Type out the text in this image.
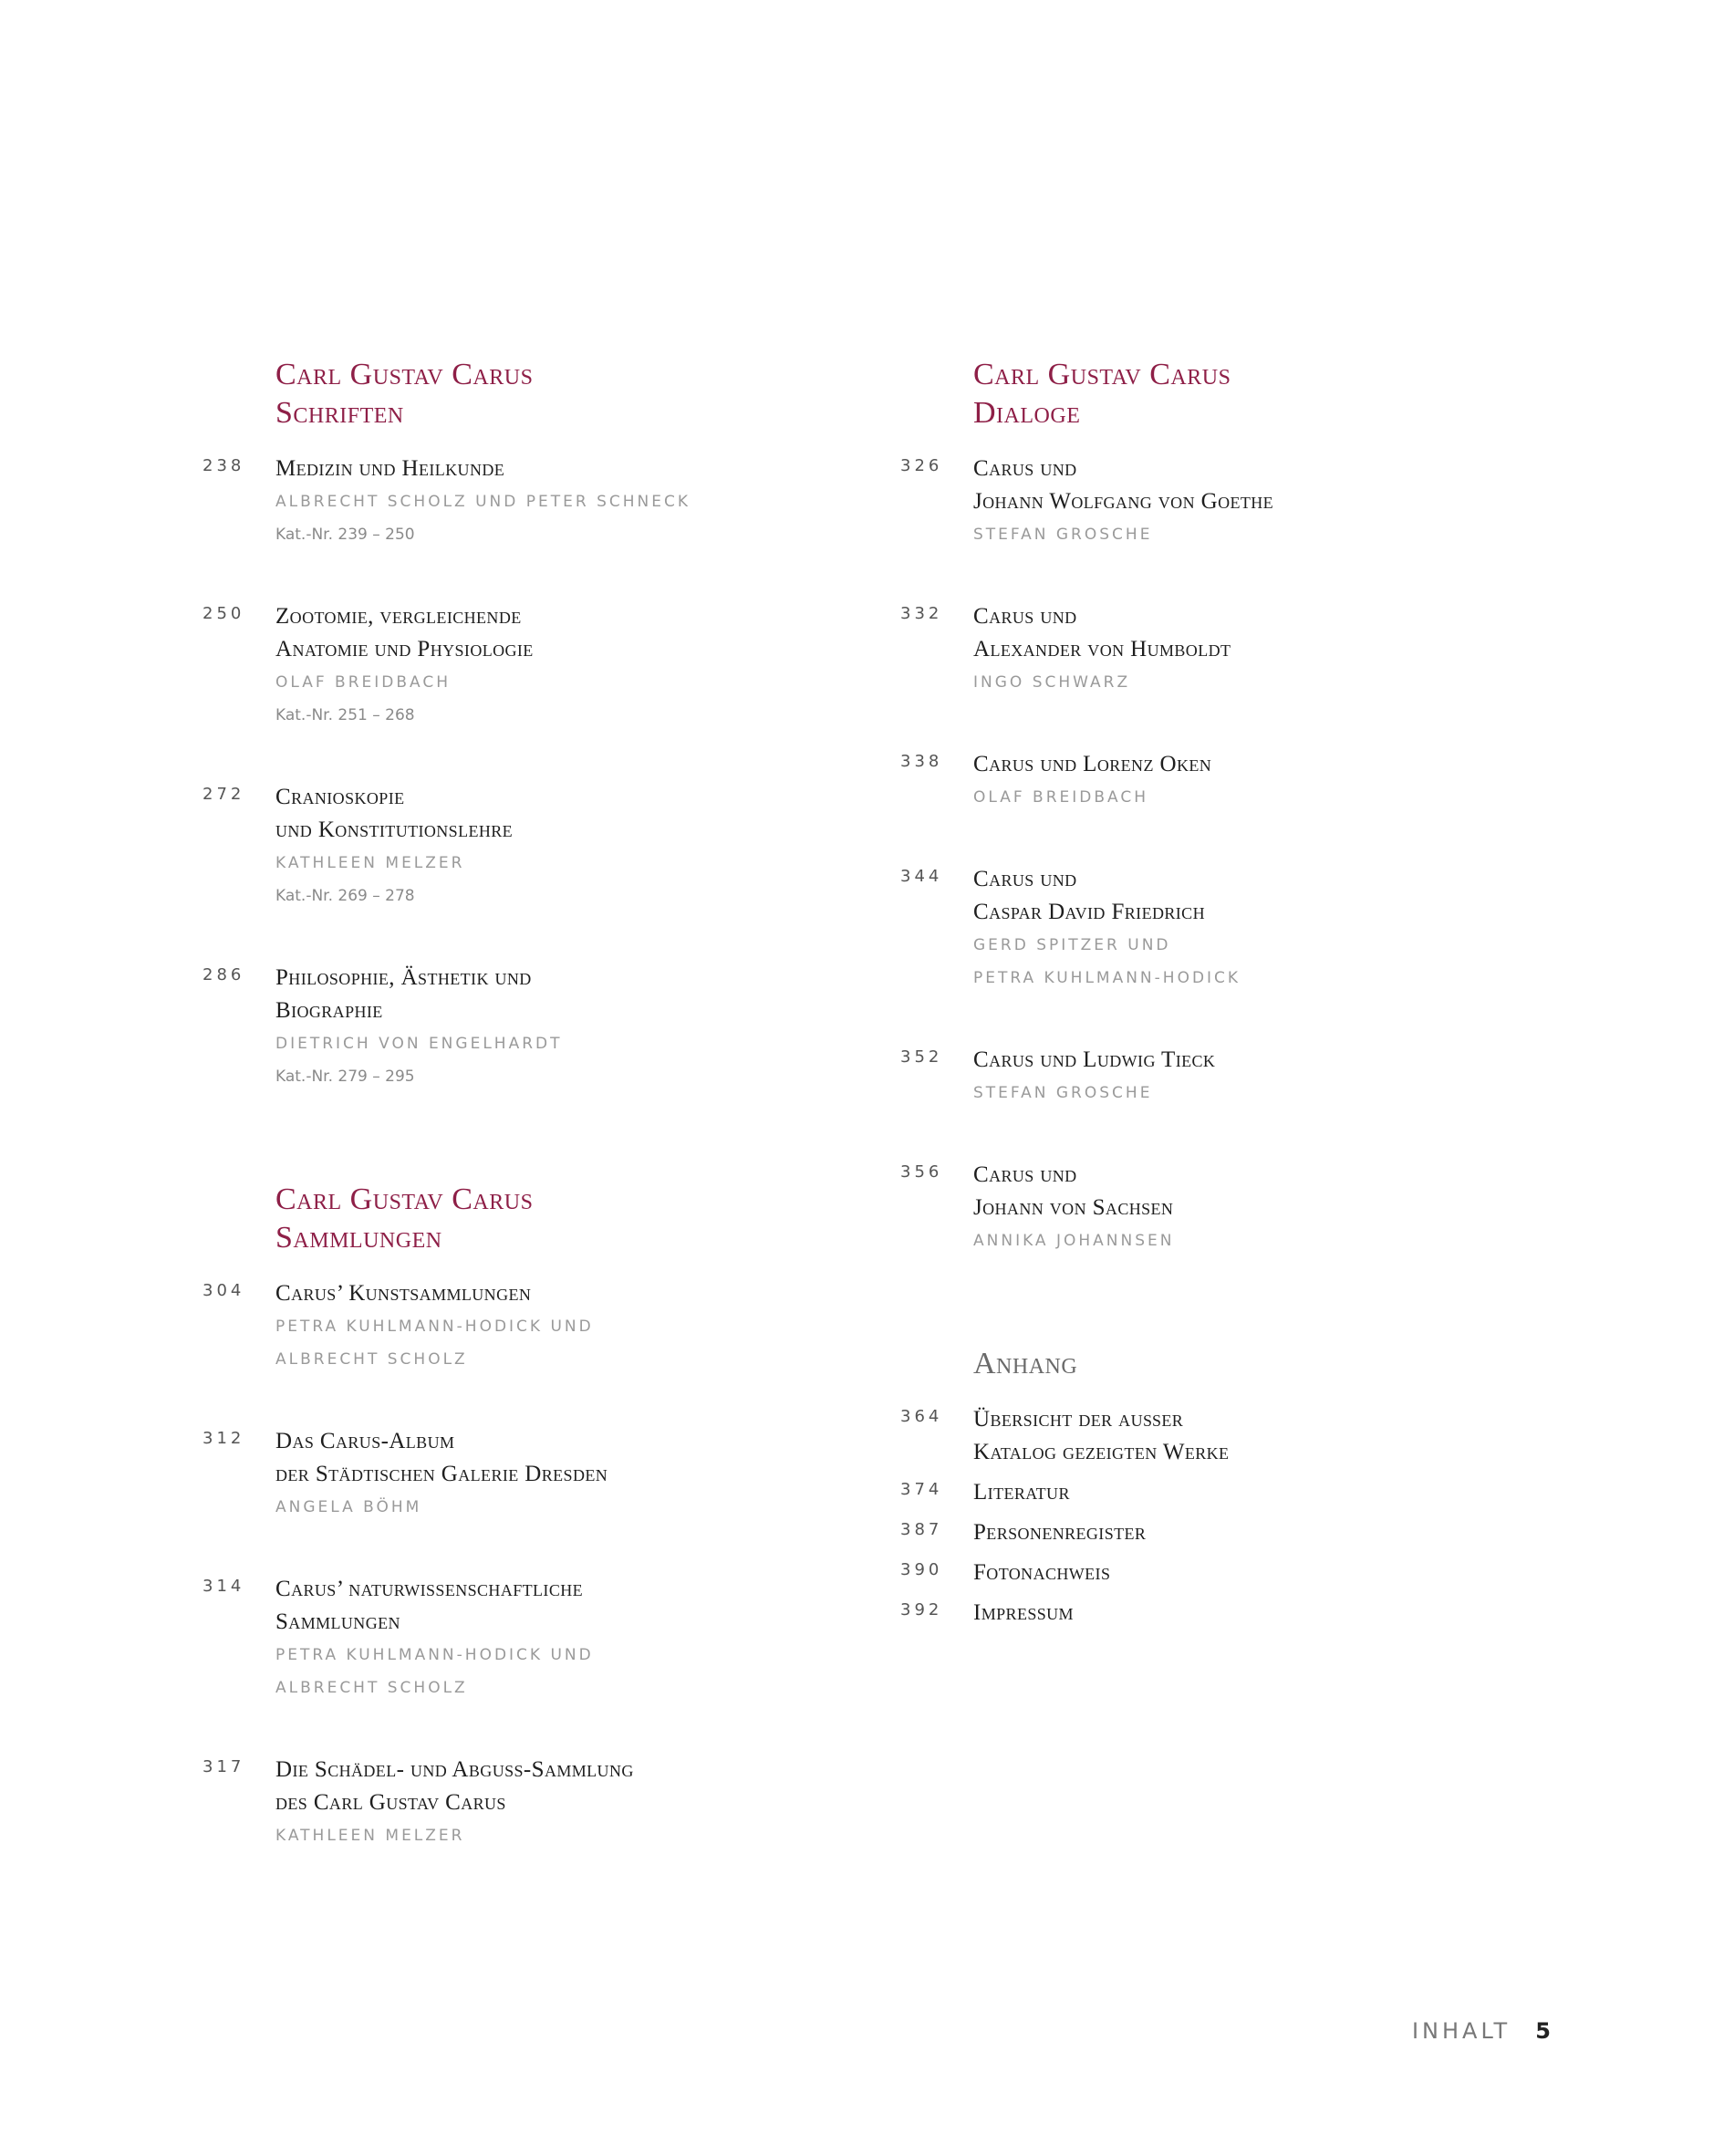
Carl Gustav Carus
Schriften
238 Medizin und Heilkunde
ALBRECHT SCHOLZ UND PETER SCHNECK
Kat.-Nr. 239 – 250
250 Zootomie, vergleichende
Anatomie und Physiologie
OLAF BREIDBACH
Kat.-Nr. 251 – 268
272 Cranioskopie
und Konstitutionslehre
KATHLEEN MELZER
Kat.-Nr. 269 – 278
286 Philosophie, Ästhetik und
Biographie
DIETRICH VON ENGELHARDT
Kat.-Nr. 279 – 295
Carl Gustav Carus
Sammlungen
304 Carus’ Kunstsammlungen
PETRA KUHLMANN-HODICK UND
ALBRECHT SCHOLZ
312 Das Carus-Album
der Städtischen Galerie Dresden
ANGELA BÖHM
314 Carus’ naturwissenschaftliche
Sammlungen
PETRA KUHLMANN-HODICK UND
ALBRECHT SCHOLZ
317 Die Schädel- und Abguss-Sammlung
des Carl Gustav Carus
KATHLEEN MELZER
Carl Gustav Carus
Dialoge
326 Carus und
Johann Wolfgang von Goethe
STEFAN GROSCHE
332 Carus und
Alexander von Humboldt
INGO SCHWARZ
338 Carus und Lorenz Oken
OLAF BREIDBACH
344 Carus und
Caspar David Friedrich
GERD SPITZER UND
PETRA KUHLMANN-HODICK
352 Carus und Ludwig Tieck
STEFAN GROSCHE
356 Carus und
Johann von Sachsen
ANNIKA JOHANNSEN
Anhang
364 Übersicht der außer
Katalog gezeigten Werke
374 Literatur
387 Personenregister
390 Fotonachweis
392 Impressum
INHALT 5
